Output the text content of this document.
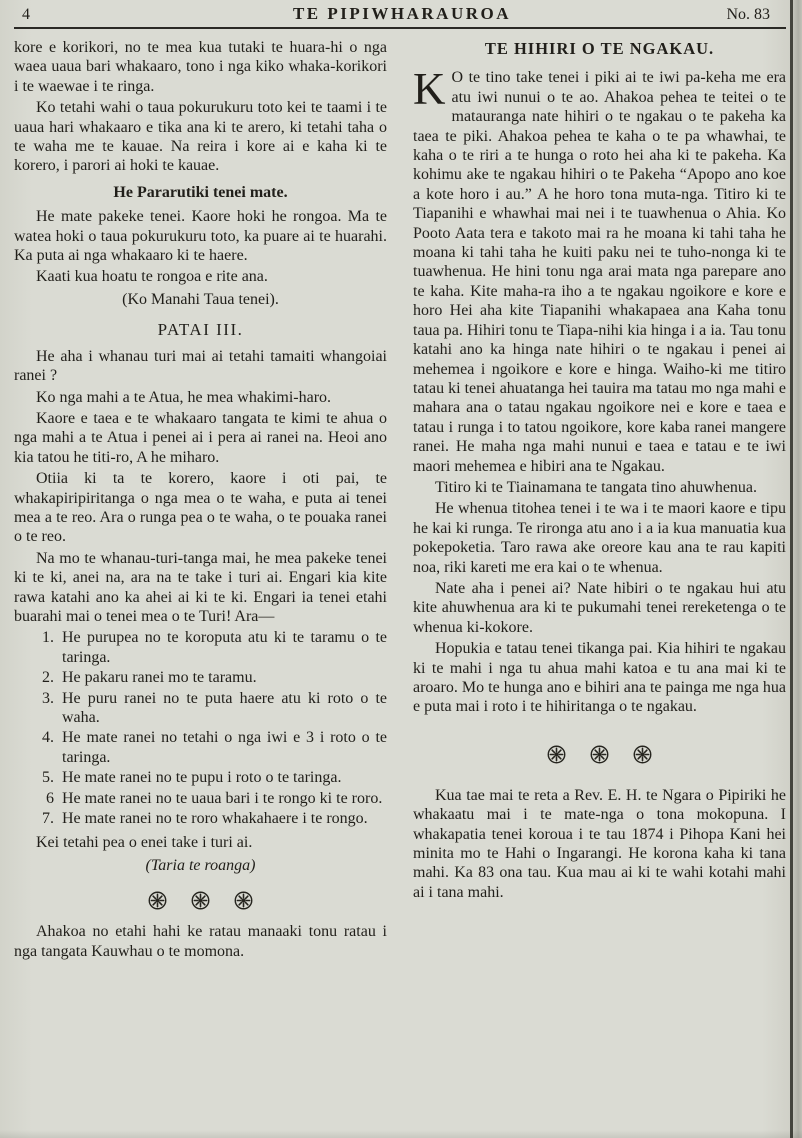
4	TE PIPIWHARAUROA	No. 83

kore e korikori, no te mea kua tutaki te huara-hi o nga waea uaua bari whakaaro, tono i nga kiko whaka-korikori i te waewae i te ringa.

Ko tetahi wahi o taua pokurukuru toto kei te taami i te uaua hari whakaaro e tika ana ki te arero, ki tetahi taha o te waha me te kauae. Na reira i kore ai e kaha ki te korero, i parori ai hoki te kauae.

He Pararutiki tenei mate.

He mate pakeke tenei. Kaore hoki he rongoa. Ma te watea hoki o taua pokurukuru toto, ka puare ai te huarahi. Ka puta ai nga whakaaro ki te haere.

Kaati kua hoatu te rongoa e rite ana.

(Ko Manahi Taua tenei).

PATAI III.

He aha i whanau turi mai ai tetahi tamaiti whangoiai ranei ?

Ko nga mahi a te Atua, he mea whakimi-haro.

Kaore e taea e te whakaaro tangata te kimi te ahua o nga mahi a te Atua i penei ai i pera ai ranei na. Heoi ano kia tatou he titi-ro, A he miharo.

Otiia ki ta te korero, kaore i oti pai, te whakapiripiritanga o nga mea o te waha, e puta ai tenei mea a te reo. Ara o runga pea o te waha, o te pouaka ranei o te reo.

Na mo te whanau-turi-tanga mai, he mea pakeke tenei ki te ki, anei na, ara na te take i turi ai. Engari kia kite rawa katahi ano ka ahei ai ki te ki. Engari ia tenei etahi buarahi mai o tenei mea o te Turi! Ara—

1. He purupea no te koroputa atu ki te taramu o te taringa.
2. He pakaru ranei mo te taramu.
3. He puru ranei no te puta haere atu ki roto o te waha.
4. He mate ranei no tetahi o nga iwi e 3 i roto o te taringa.
5. He mate ranei no te pupu i roto o te taringa.
6 He mate ranei no te uaua bari i te rongo ki te roro.
7. He mate ranei no te roro whakahaere i te rongo.

Kei tetahi pea o enei take i turi ai.

(Taria te roanga)

Ahakoa no etahi hahi ke ratau manaaki tonu ratau i nga tangata Kauwhau o te momona.

TE HIHIRI O TE NGAKAU.

K O te tino take tenei i piki ai te iwi pa-keha me era atu iwi nunui o te ao. Ahakoa pehea te teitei o te matauranga nate hihiri o te ngakau o te pakeha ka taea te piki. Ahakoa pehea te kaha o te pa whawhai, te kaha o te riri a te hunga o roto hei aha ki te pakeha. Ka kohimu ake te ngakau hihiri o te Pakeha “Apopo ano koe a kote horo i au.” A he horo tona muta-nga. Titiro ki te Tiapanihi e whawhai mai nei i te tuawhenua o Ahia. Ko Pooto Aata tera e takoto mai ra he moana ki tahi taha he moana ki tahi taha he kuiti paku nei te tuho-nonga ki te tuawhenua. He hini tonu nga arai mata nga parepare ano te kaha. Kite maha-ra iho a te ngakau ngoikore e kore e horo Hei aha kite Tiapanihi whakapaea ana Kaha tonu taua pa. Hihiri tonu te Tiapa-nihi kia hinga i a ia. Tau tonu katahi ano ka hinga nate hihiri o te ngakau i penei ai mehemea i ngoikore e kore e hinga. Waiho-ki me titiro tatau ki tenei ahuatanga hei tauira ma tatau mo nga mahi e mahara ana o tatau ngakau ngoikore nei e kore e taea e tatau i runga i to tatou ngoikore, kore kaba ranei mangere ranei. He maha nga mahi nunui e taea e tatau e te iwi maori mehemea e hibiri ana te Ngakau.

Titiro ki te Tiainamana te tangata tino ahuwhenua.

He whenua titohea tenei i te wa i te maori kaore e tipu he kai ki runga. Te rironga atu ano i a ia kua manuatia kua pokepoketia. Taro rawa ake oreore kau ana te rau kapiti noa, riki kareti me era kai o te whenua.

Nate aha i penei ai? Nate hibiri o te ngakau hui atu kite ahuwhenua ara ki te pukumahi tenei rereketenga o te whenua ki-kokore.

Hopukia e tatau tenei tikanga pai. Kia hihiri te ngakau ki te mahi i nga tu ahua mahi katoa e tu ana mai ki te aroaro. Mo te hunga ano e bihiri ana te painga me nga hua e puta mai i roto i te hihiritanga o te ngakau.

Kua tae mai te reta a Rev. E. H. te Ngara o Pipiriki he whakaatu mai i te mate-nga o tona mokopuna. I whakapatia tenei koroua i te tau 1874 i Pihopa Kani hei minita mo te Hahi o Ingarangi. He korona kaha ki tana mahi. Ka 83 ona tau. Kua mau ai ki te wahi kotahi mahi ai i tana mahi.
